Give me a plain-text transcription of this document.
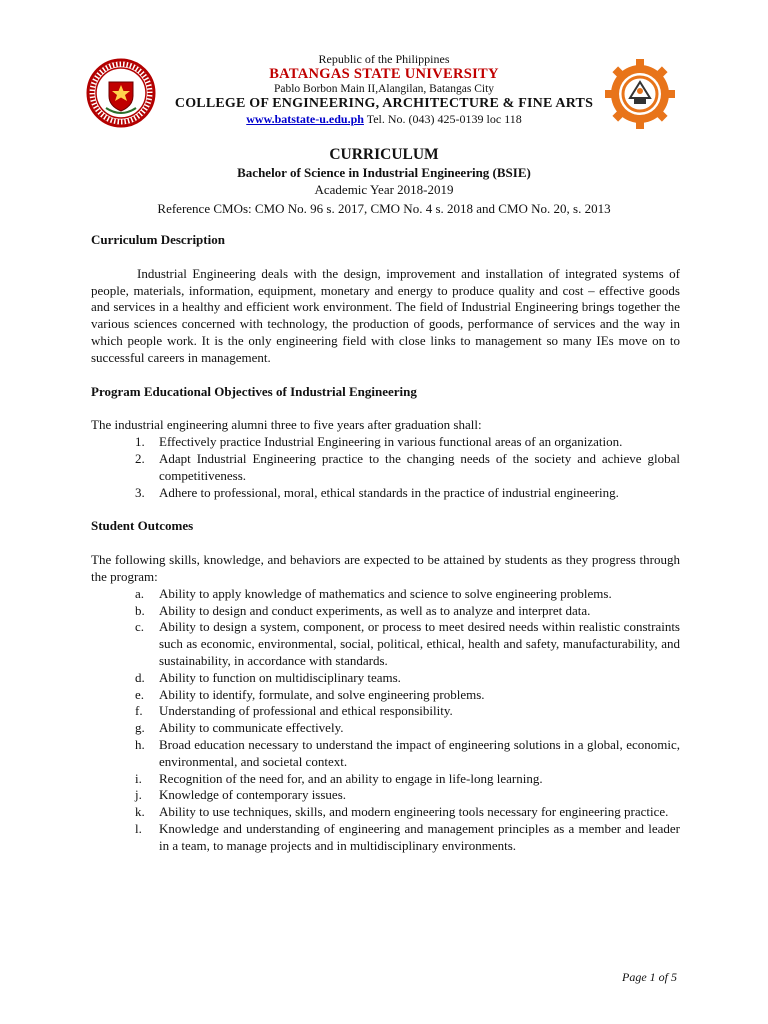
Republic of the Philippines
BATANGAS STATE UNIVERSITY
Pablo Borbon Main II,Alangilan, Batangas City
COLLEGE OF ENGINEERING, ARCHITECTURE & FINE ARTS
www.batstate-u.edu.ph Tel. No. (043) 425-0139 loc 118
CURRICULUM
Bachelor of Science in Industrial Engineering (BSIE)
Academic Year 2018-2019
Reference CMOs: CMO No. 96 s. 2017, CMO No. 4 s. 2018 and CMO No. 20, s. 2013

Curriculum Description

Industrial Engineering deals with the design, improvement and installation of integrated systems of people, materials, information, equipment, monetary and energy to produce quality and cost – effective goods and services in a healthy and efficient work environment. The field of Industrial Engineering brings together the various sciences concerned with technology, the production of goods, performance of services and the way in which people work. It is the only engineering field with close links to management so many IEs move on to successful careers in management.

Program Educational Objectives of Industrial Engineering

The industrial engineering alumni three to five years after graduation shall:

1. Effectively practice Industrial Engineering in various functional areas of an organization.
2. Adapt Industrial Engineering practice to the changing needs of the society and achieve global competitiveness.
3. Adhere to professional, moral, ethical standards in the practice of industrial engineering.

Student Outcomes

The following skills, knowledge, and behaviors are expected to be attained by students as they progress through the program:

a. Ability to apply knowledge of mathematics and science to solve engineering problems.
b. Ability to design and conduct experiments, as well as to analyze and interpret data.
c. Ability to design a system, component, or process to meet desired needs within realistic constraints such as economic, environmental, social, political, ethical, health and safety, manufacturability, and sustainability, in accordance with standards.
d. Ability to function on multidisciplinary teams.
e. Ability to identify, formulate, and solve engineering problems.
f. Understanding of professional and ethical responsibility.
g. Ability to communicate effectively.
h. Broad education necessary to understand the impact of engineering solutions in a global, economic, environmental, and societal context.
i. Recognition of the need for, and an ability to engage in life-long learning.
j. Knowledge of contemporary issues.
k. Ability to use techniques, skills, and modern engineering tools necessary for engineering practice.
l. Knowledge and understanding of engineering and management principles as a member and leader in a team, to manage projects and in multidisciplinary environments.
Page 1 of 5
